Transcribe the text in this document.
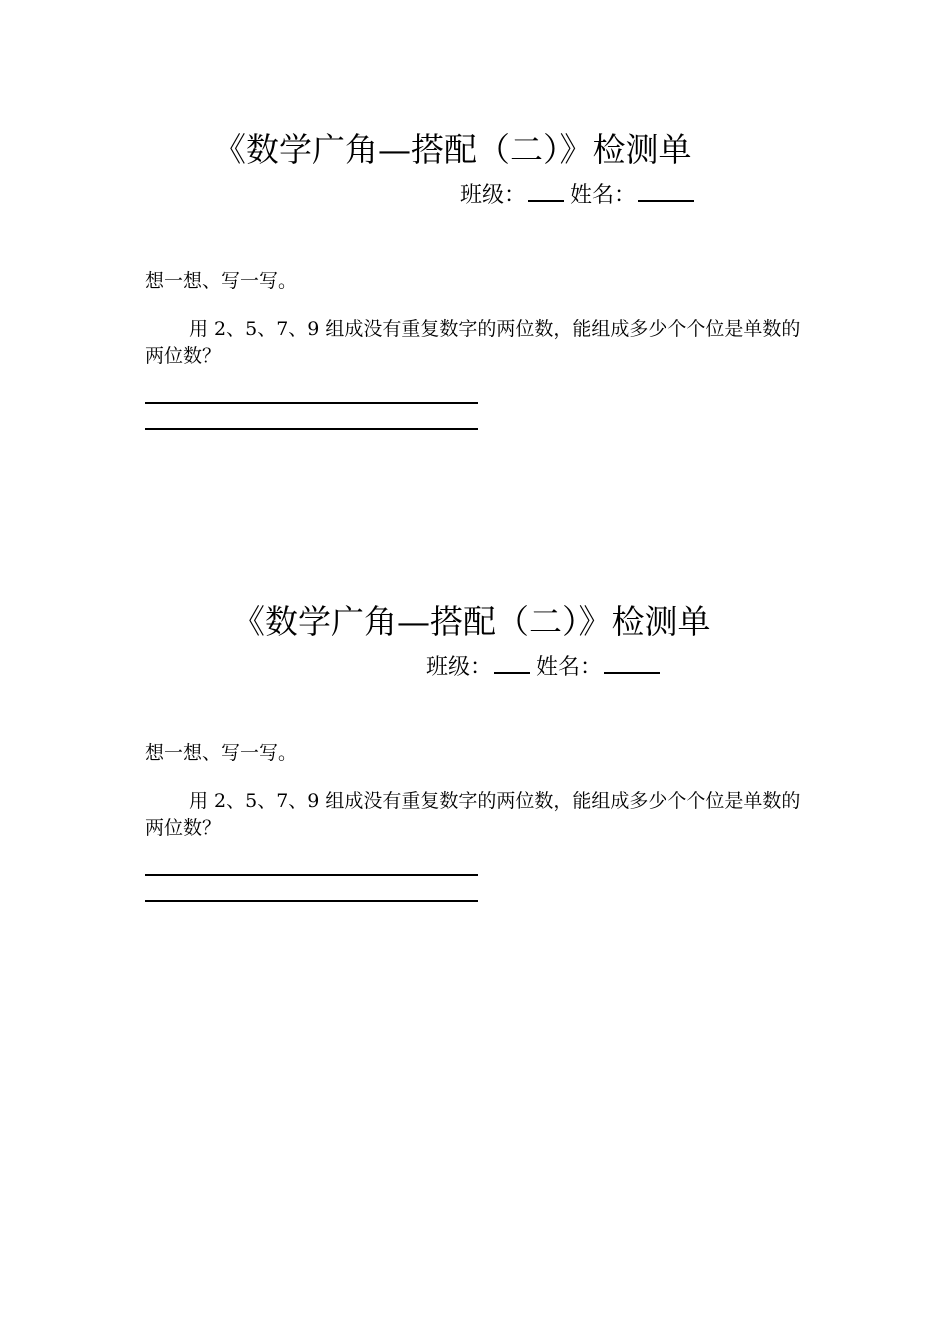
《数学广角—搭配（二）》检测单
班级： 姓名：
想一想、写一写。
用 2、5、7、9 组成没有重复数字的两位数，能组成多少个个位是单数的两位数？
《数学广角—搭配（二）》检测单
班级： 姓名：
想一想、写一写。
用 2、5、7、9 组成没有重复数字的两位数，能组成多少个个位是单数的两位数？
